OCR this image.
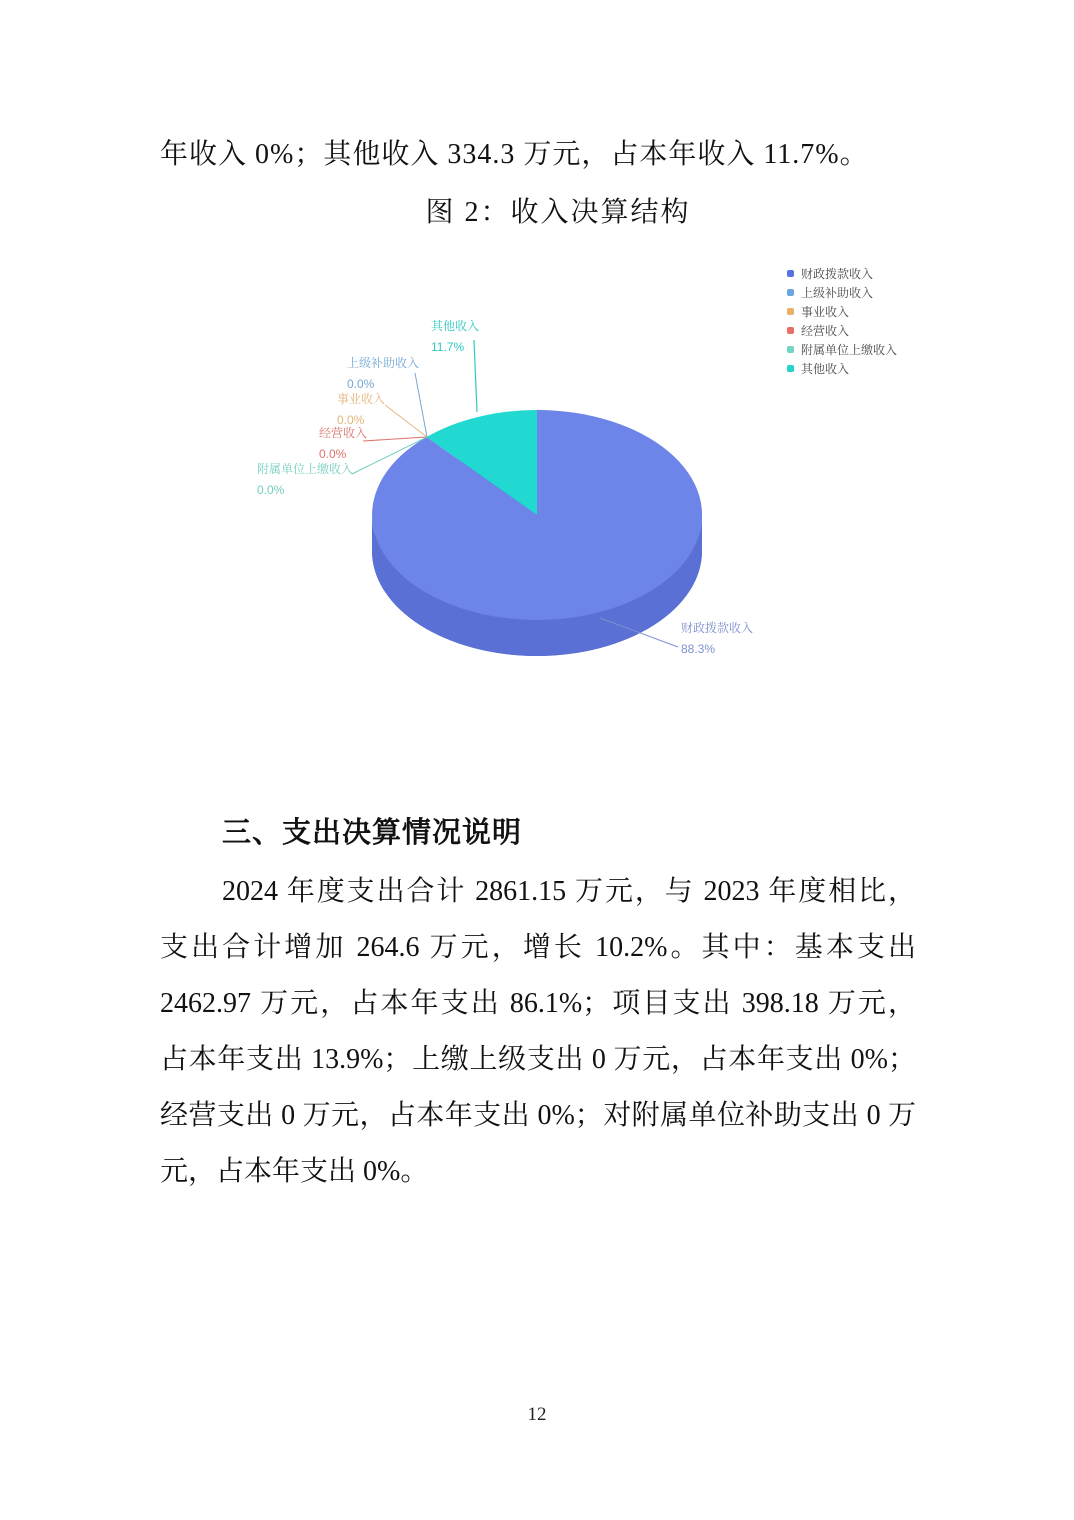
年收入 0%；其他收入 334.3 万元，占本年收入 11.7%。
图 2：收入决算结构
其他收入
11.7%
上级补助收入
0.0%
事业收入
0.0%
经营收入
0.0%
附属单位上缴收入
0.0%
财政拨款收入
88.3%
财政拨款收入
上级补助收入
事业收入
经营收入
附属单位上缴收入
其他收入
三、支出决算情况说明
2024 年度支出合计 2861.15 万元，与 2023 年度相比，
支出合计增加 264.6 万元，增长 10.2%。其中：基本支出
2462.97 万元，占本年支出 86.1%；项目支出 398.18 万元，
占本年支出 13.9%；上缴上级支出 0 万元，占本年支出 0%；
经营支出 0 万元，占本年支出 0%；对附属单位补助支出 0 万
元，占本年支出 0%。
12
